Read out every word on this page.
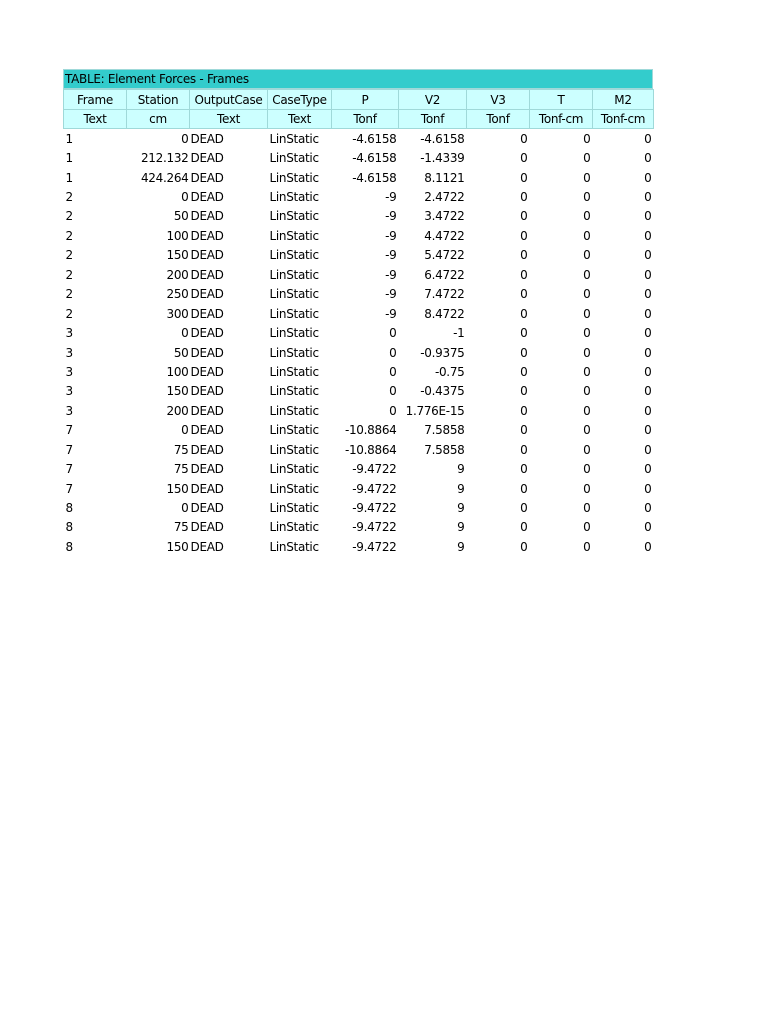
TABLE: Element Forces - Frames
Frame	Station	OutputCase	CaseType	P	V2	V3	T	M2
Text	cm	Text	Text	Tonf	Tonf	Tonf	Tonf-cm	Tonf-cm
1	0	DEAD	LinStatic	-4.6158	-4.6158	0	0	0
1	212.132	DEAD	LinStatic	-4.6158	-1.4339	0	0	0
1	424.264	DEAD	LinStatic	-4.6158	8.1121	0	0	0
2	0	DEAD	LinStatic	-9	2.4722	0	0	0
2	50	DEAD	LinStatic	-9	3.4722	0	0	0
2	100	DEAD	LinStatic	-9	4.4722	0	0	0
2	150	DEAD	LinStatic	-9	5.4722	0	0	0
2	200	DEAD	LinStatic	-9	6.4722	0	0	0
2	250	DEAD	LinStatic	-9	7.4722	0	0	0
2	300	DEAD	LinStatic	-9	8.4722	0	0	0
3	0	DEAD	LinStatic	0	-1	0	0	0
3	50	DEAD	LinStatic	0	-0.9375	0	0	0
3	100	DEAD	LinStatic	0	-0.75	0	0	0
3	150	DEAD	LinStatic	0	-0.4375	0	0	0
3	200	DEAD	LinStatic	0	1.776E-15	0	0	0
7	0	DEAD	LinStatic	-10.8864	7.5858	0	0	0
7	75	DEAD	LinStatic	-10.8864	7.5858	0	0	0
7	75	DEAD	LinStatic	-9.4722	9	0	0	0
7	150	DEAD	LinStatic	-9.4722	9	0	0	0
8	0	DEAD	LinStatic	-9.4722	9	0	0	0
8	75	DEAD	LinStatic	-9.4722	9	0	0	0
8	150	DEAD	LinStatic	-9.4722	9	0	0	0
